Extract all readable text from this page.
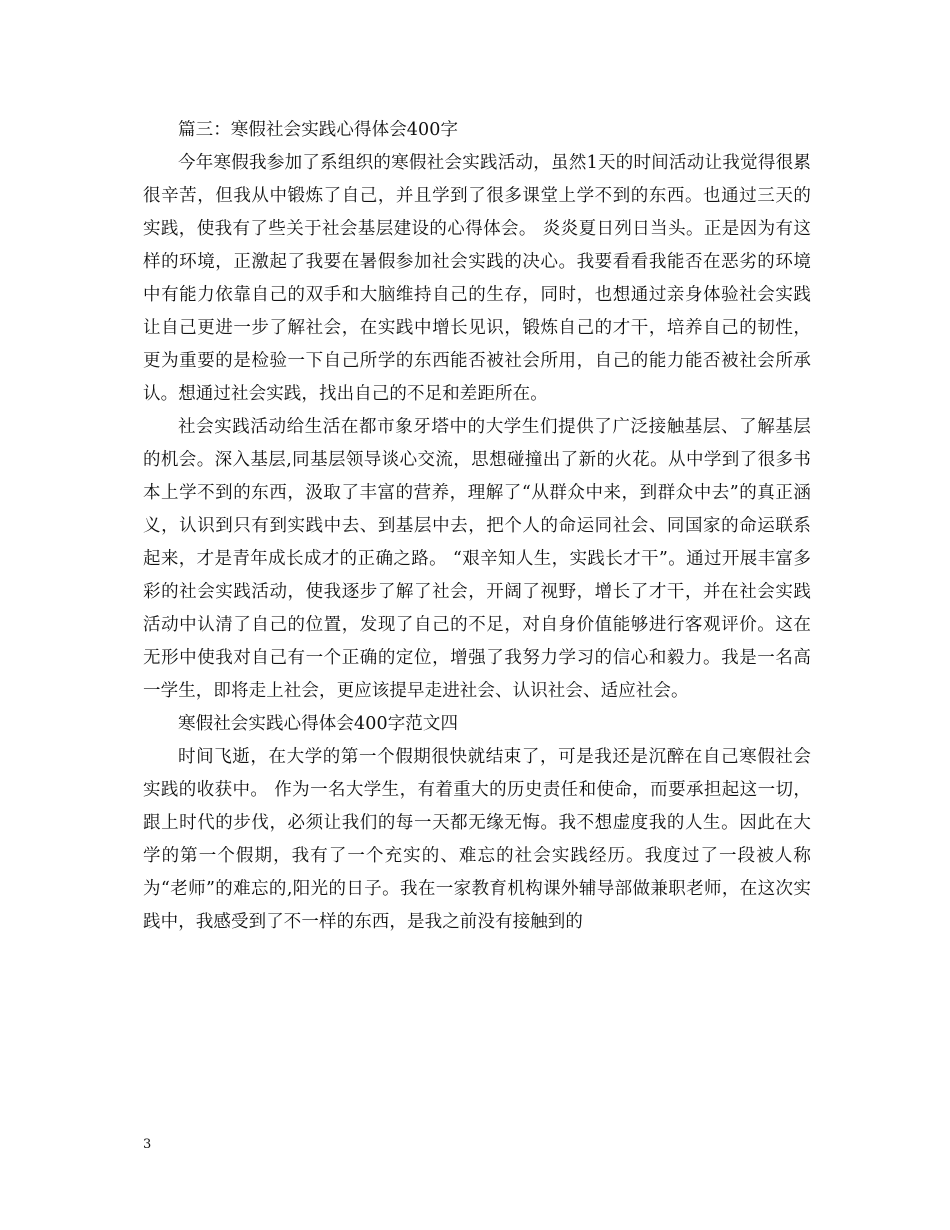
篇三：寒假社会实践心得体会400字

今年寒假我参加了系组织的寒假社会实践活动，虽然1天的时间活动让我觉得很累很辛苦，但我从中锻炼了自己，并且学到了很多课堂上学不到的东西。也通过三天的实践，使我有了些关于社会基层建设的心得体会。 炎炎夏日列日当头。正是因为有这样的环境，正激起了我要在暑假参加社会实践的决心。我要看看我能否在恶劣的环境中有能力依靠自己的双手和大脑维持自己的生存，同时，也想通过亲身体验社会实践让自己更进一步了解社会，在实践中增长见识，锻炼自己的才干，培养自己的韧性，更为重要的是检验一下自己所学的东西能否被社会所用，自己的能力能否被社会所承认。想通过社会实践，找出自己的不足和差距所在。

社会实践活动给生活在都市象牙塔中的大学生们提供了广泛接触基层、了解基层的机会。深入基层,同基层领导谈心交流，思想碰撞出了新的火花。从中学到了很多书本上学不到的东西，汲取了丰富的营养，理解了“从群众中来，到群众中去”的真正涵义，认识到只有到实践中去、到基层中去，把个人的命运同社会、同国家的命运联系起来，才是青年成长成才的正确之路。 “艰辛知人生，实践长才干”。通过开展丰富多彩的社会实践活动，使我逐步了解了社会，开阔了视野，增长了才干，并在社会实践活动中认清了自己的位置，发现了自己的不足，对自身价值能够进行客观评价。这在无形中使我对自己有一个正确的定位，增强了我努力学习的信心和毅力。我是一名高一学生，即将走上社会，更应该提早走进社会、认识社会、适应社会。

寒假社会实践心得体会400字范文四

时间飞逝，在大学的第一个假期很快就结束了，可是我还是沉醉在自己寒假社会实践的收获中。 作为一名大学生，有着重大的历史责任和使命，而要承担起这一切，跟上时代的步伐，必须让我们的每一天都无缘无悔。我不想虚度我的人生。因此在大学的第一个假期，我有了一个充实的、难忘的社会实践经历。我度过了一段被人称为“老师”的难忘的,阳光的日子。我在一家教育机构课外辅导部做兼职老师，在这次实践中，我感受到了不一样的东西，是我之前没有接触到的

3
